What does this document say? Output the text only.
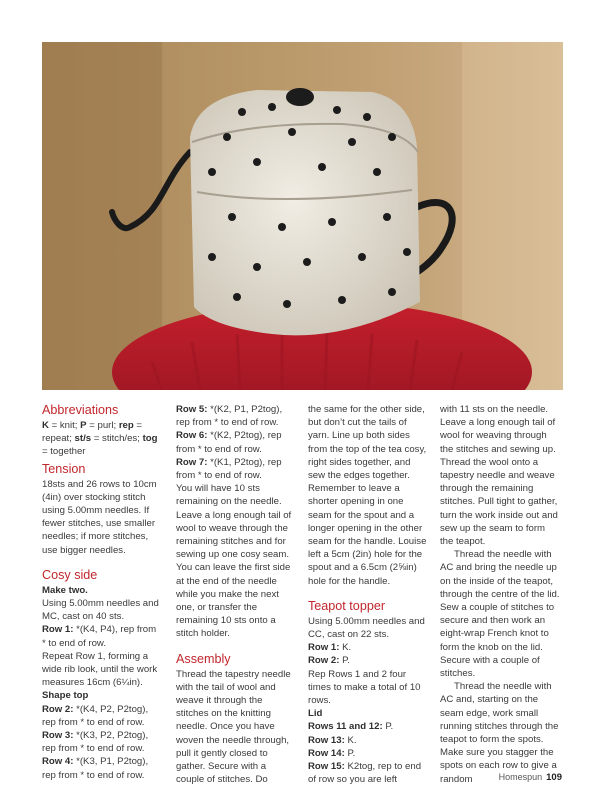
Abbreviations

K = knit; P = purl; rep = repeat; st/s = stitch/es; tog = together

Tension

18sts and 26 rows to 10cm (4in) over stocking stitch using 5.00mm needles. If fewer stitches, use smaller needles; if more stitches, use bigger needles.

Cosy side

Make two.

Using 5.00mm needles and MC, cast on 40 sts.

Row 1: *(K4, P4), rep from * to end of row.

Repeat Row 1, forming a wide rib look, until the work measures 16cm (6¼in).

Shape top

Row 2: *(K4, P2, P2tog), rep from * to end of row.

Row 3: *(K3, P2, P2tog), rep from * to end of row.

Row 4: *(K3, P1, P2tog), rep from * to end of row.

Row 5: *(K2, P1, P2tog), rep from * to end of row.

Row 6: *(K2, P2tog), rep from * to end of row.

Row 7: *(K1, P2tog), rep from * to end of row.

You will have 10 sts remaining on the needle. Leave a long enough tail of wool to weave through the remaining stitches and for sewing up one cosy seam. You can leave the first side at the end of the needle while you make the next one, or transfer the remaining 10 sts onto a stitch holder.

Assembly

Thread the tapestry needle with the tail of wool and weave it through the stitches on the knitting needle. Once you have woven the needle through, pull it gently closed to gather. Secure with a couple of stitches. Do

the same for the other side, but don’t cut the tails of yarn. Line up both sides from the top of the tea cosy, right sides together, and sew the edges together. Remember to leave a shorter opening in one seam for the spout and a longer opening in the other seam for the handle. Louise left a 5cm (2in) hole for the spout and a 6.5cm (2⅝in) hole for the handle.

Teapot topper

Using 5.00mm needles and CC, cast on 22 sts.

Row 1: K.

Row 2: P.

Rep Rows 1 and 2 four times to make a total of 10 rows.

Lid

Rows 11 and 12: P.

Row 13: K.

Row 14: P.

Row 15: K2tog, rep to end of row so you are left

with 11 sts on the needle. Leave a long enough tail of wool for weaving through the stitches and sewing up. Thread the wool onto a tapestry needle and weave through the remaining stitches. Pull tight to gather, turn the work inside out and sew up the seam to form the teapot.

Thread the needle with AC and bring the needle up on the inside of the teapot, through the centre of the lid. Sew a couple of stitches to secure and then work an eight-wrap French knot to form the knob on the lid. Secure with a couple of stitches.

Thread the needle with AC and, starting on the seam edge, work small running stitches through the teapot to form the spots. Make sure you stagger the spots on each row to give a random	Homespun 109
